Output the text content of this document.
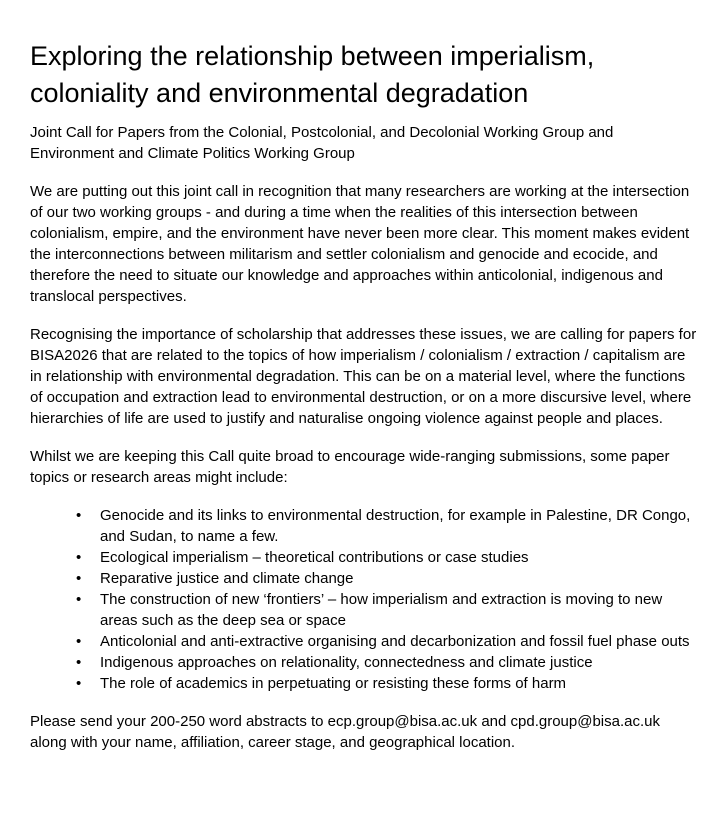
Exploring the relationship between imperialism, coloniality and environmental degradation

Joint Call for Papers from the Colonial, Postcolonial, and Decolonial Working Group and Environment and Climate Politics Working Group

We are putting out this joint call in recognition that many researchers are working at the intersection of our two working groups - and during a time when the realities of this intersection between colonialism, empire, and the environment have never been more clear. This moment makes evident the interconnections between militarism and settler colonialism and genocide and ecocide, and therefore the need to situate our knowledge and approaches within anticolonial, indigenous and translocal perspectives.

Recognising the importance of scholarship that addresses these issues, we are calling for papers for BISA2026 that are related to the topics of how imperialism / colonialism / extraction / capitalism are in relationship with environmental degradation. This can be on a material level, where the functions of occupation and extraction lead to environmental destruction, or on a more discursive level, where hierarchies of life are used to justify and naturalise ongoing violence against people and places.

Whilst we are keeping this Call quite broad to encourage wide-ranging submissions, some paper topics or research areas might include:

• Genocide and its links to environmental destruction, for example in Palestine, DR Congo, and Sudan, to name a few.
• Ecological imperialism – theoretical contributions or case studies
• Reparative justice and climate change
• The construction of new ‘frontiers’ – how imperialism and extraction is moving to new areas such as the deep sea or space
• Anticolonial and anti-extractive organising and decarbonization and fossil fuel phase outs
• Indigenous approaches on relationality, connectedness and climate justice
• The role of academics in perpetuating or resisting these forms of harm

Please send your 200-250 word abstracts to ecp.group@bisa.ac.uk and cpd.group@bisa.ac.uk along with your name, affiliation, career stage, and geographical location.
